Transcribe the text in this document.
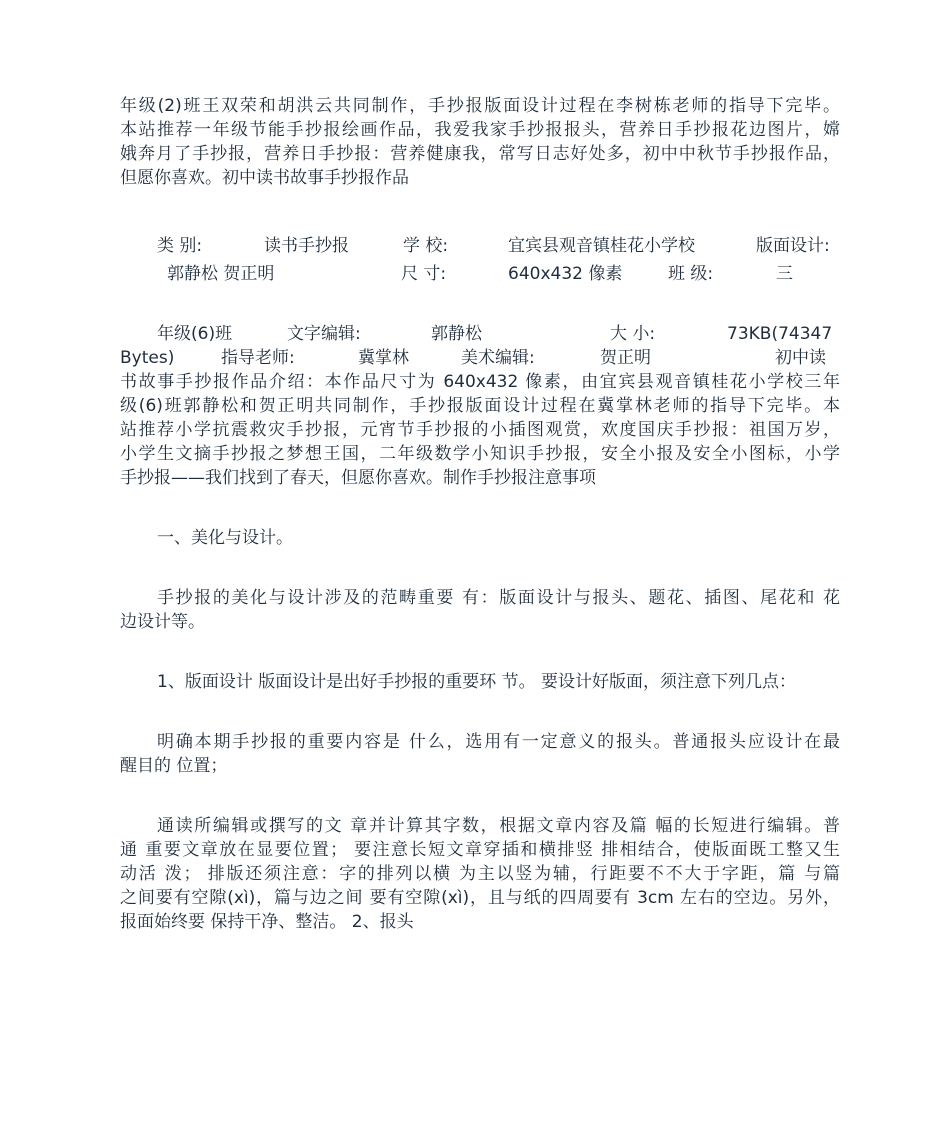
年级(2)班王双荣和胡洪云共同制作，手抄报版面设计过程在李树栋老师的指导下完毕。
本站推荐一年级节能手抄报绘画作品，我爱我家手抄报报头，营养日手抄报花边图片，嫦
娥奔月了手抄报，营养日手抄报：营养健康我，常写日志好处多，初中中秋节手抄报作品，
但愿你喜欢。初中读书故事手抄报作品
类 别:	读书手抄报	学 校:	宜宾县观音镇桂花小学校	版面设计:
郭静松 贺正明	尺 寸:	640x432 像素	班 级:	三
年级(6)班	文字编辑:	郭静松	大 小:	73KB(74347
Bytes)	指导老师:	冀掌林	美术编辑:	贺正明	初中读
书故事手抄报作品介绍：本作品尺寸为 640x432 像素，由宜宾县观音镇桂花小学校三年
级(6)班郭静松和贺正明共同制作，手抄报版面设计过程在冀掌林老师的指导下完毕。本
站推荐小学抗震救灾手抄报，元宵节手抄报的小插图观赏，欢度国庆手抄报：祖国万岁，
小学生文摘手抄报之梦想王国，二年级数学小知识手抄报，安全小报及安全小图标，小学
手抄报——我们找到了春天，但愿你喜欢。制作手抄报注意事项
一、美化与设计。
手抄报的美化与设计涉及的范畴重要 有：版面设计与报头、题花、插图、尾花和 花
边设计等。
1、版面设计 版面设计是出好手抄报的重要环 节。 要设计好版面，须注意下列几点：
明确本期手抄报的重要内容是 什么，选用有一定意义的报头。普通报头应设计在最
醒目的 位置；
通读所编辑或撰写的文 章并计算其字数，根据文章内容及篇 幅的长短进行编辑。普
通 重要文章放在显要位置； 要注意长短文章穿插和横排竖 排相结合，使版面既工整又生
动活 泼； 排版还须注意：字的排列以横 为主以竖为辅，行距要不不大于字距，篇 与篇
之间要有空隙(xì)，篇与边之间 要有空隙(xì)，且与纸的四周要有 3cm 左右的空边。另外，
报面始终要 保持干净、整洁。 2、报头
